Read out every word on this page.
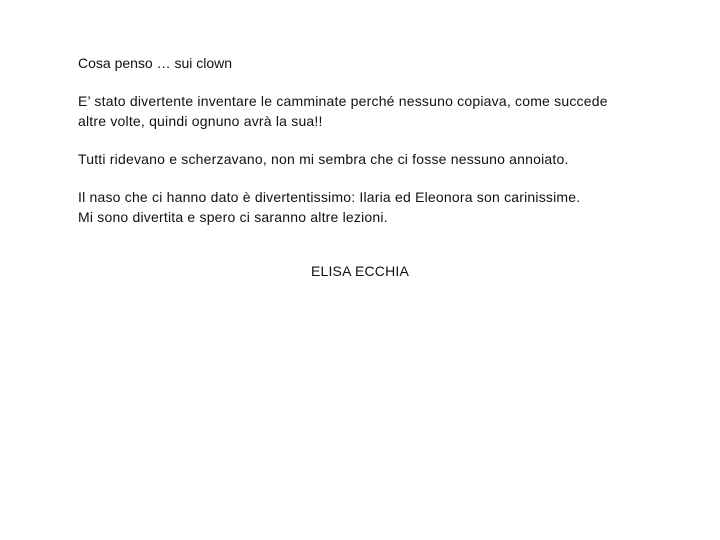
Cosa penso … sui clown
E’ stato divertente inventare le camminate perché nessuno copiava, come succede
altre volte, quindi ognuno avrà la sua!!
Tutti ridevano e scherzavano, non mi sembra che ci fosse nessuno annoiato.
Il naso che ci hanno dato è divertentissimo: Ilaria ed Eleonora son carinissime.
Mi sono divertita e spero ci saranno altre lezioni.
ELISA ECCHIA
